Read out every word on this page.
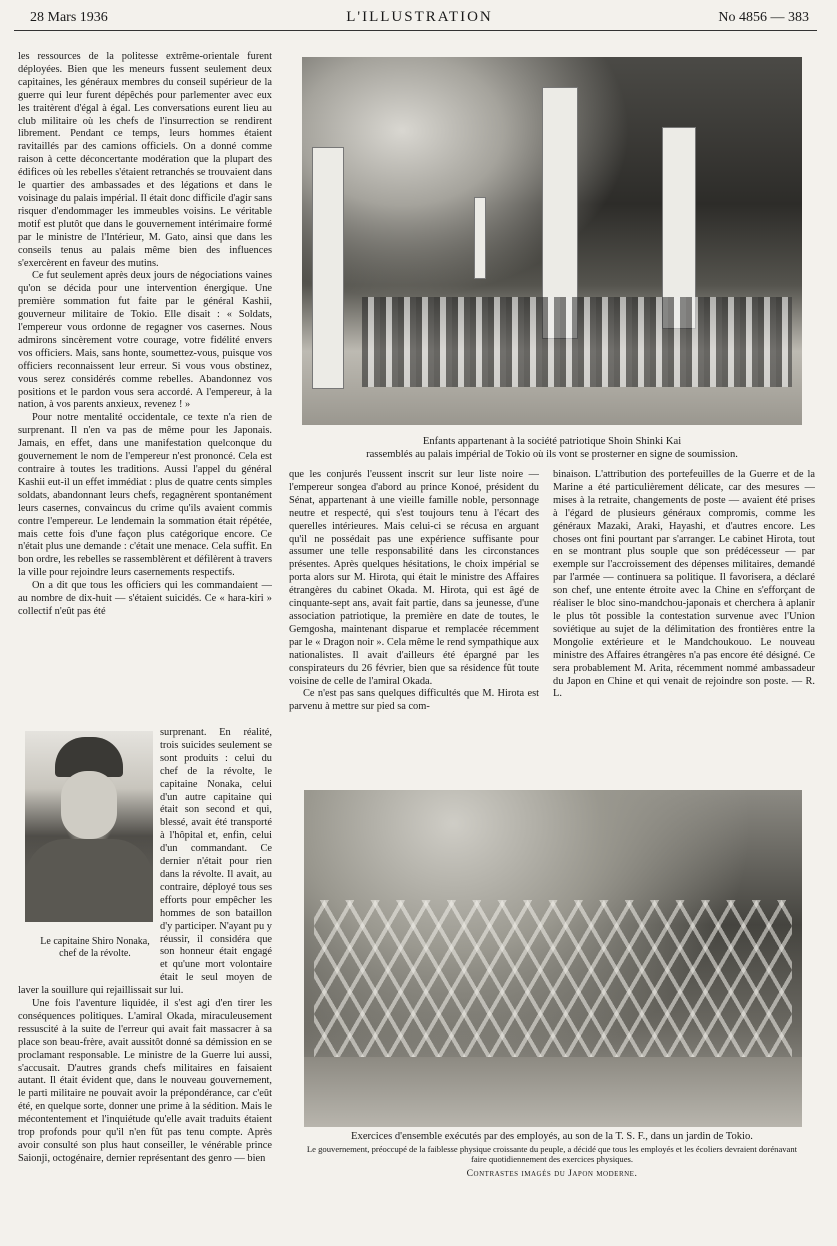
28 Mars 1936	L'ILLUSTRATION	No 4856 — 383

les ressources de la politesse extrême-orientale furent déployées. Bien que les meneurs fussent seulement deux capitaines, les généraux membres du conseil supérieur de la guerre qui leur furent dépêchés pour parlementer avec eux les traitèrent d'égal à égal. Les conversations eurent lieu au club militaire où les chefs de l'insurrection se rendirent librement. Pendant ce temps, leurs hommes étaient ravitaillés par des camions officiels. On a donné comme raison à cette déconcertante modération que la plupart des édifices où les rebelles s'étaient retranchés se trouvaient dans le quartier des ambassades et des légations et dans le voisinage du palais impérial. Il était donc difficile d'agir sans risquer d'endommager les immeubles voisins. Le véritable motif est plutôt que dans le gouvernement intérimaire formé par le ministre de l'Intérieur, M. Gato, ainsi que dans les conseils tenus au palais même bien des influences s'exercèrent en faveur des mutins.

Ce fut seulement après deux jours de négociations vaines qu'on se décida pour une intervention énergique. Une première sommation fut faite par le général Kashii, gouverneur militaire de Tokio. Elle disait : « Soldats, l'empereur vous ordonne de regagner vos casernes. Nous admirons sincèrement votre courage, votre fidélité envers vos officiers. Mais, sans honte, soumettez-vous, puisque vos officiers reconnaissent leur erreur. Si vous vous obstinez, vous serez considérés comme rebelles. Abandonnez vos positions et le pardon vous sera accordé. A l'empereur, à la nation, à vos parents anxieux, revenez ! »

Pour notre mentalité occidentale, ce texte n'a rien de surprenant. Il n'en va pas de même pour les Japonais. Jamais, en effet, dans une manifestation quelconque du gouvernement le nom de l'empereur n'est prononcé. Cela est contraire à toutes les traditions. Aussi l'appel du général Kashii eut-il un effet immédiat : plus de quatre cents simples soldats, abandonnant leurs chefs, regagnèrent spontanément leurs casernes, convaincus du crime qu'ils avaient commis contre l'empereur. Le lendemain la sommation était répétée, mais cette fois d'une façon plus catégorique encore. Ce n'était plus une demande : c'était une menace. Cela suffit. En bon ordre, les rebelles se rassemblèrent et défilèrent à travers la ville pour rejoindre leurs casernements respectifs.

On a dit que tous les officiers qui les commandaient — au nombre de dix-huit — s'étaient suicidés. Ce « hara-kiri » collectif n'eût pas été

surprenant. En réalité, trois suicides seulement se sont produits : celui du chef de la révolte, le capitaine Nonaka, celui d'un autre capitaine qui était son second et qui, blessé, avait été transporté à l'hôpital et, enfin, celui d'un commandant. Ce dernier n'était pour rien dans la révolte. Il avait, au contraire, déployé tous ses efforts pour empêcher les hommes de son bataillon d'y participer. N'ayant pu y réussir, il considéra que son honneur était engagé et qu'une mort volontaire était le seul moyen de laver la souillure qui rejaillissait sur lui.

Une fois l'aventure liquidée, il s'est agi d'en tirer les conséquences politiques. L'amiral Okada, miraculeusement ressuscité à la suite de l'erreur qui avait fait massacrer à sa place son beau-frère, avait aussitôt donné sa démission en se proclamant responsable. Le ministre de la Guerre lui aussi, s'accusait. D'autres grands chefs militaires en faisaient autant. Il était évident que, dans le nouveau gouvernement, le parti militaire ne pouvait avoir la prépondérance, car c'eût été, en quelque sorte, donner une prime à la sédition. Mais le mécontentement et l'inquiétude qu'elle avait traduits étaient trop profonds pour qu'il n'en fût pas tenu compte. Après avoir consulté son plus haut conseiller, le vénérable prince Saionji, octogénaire, dernier représentant des genro — bien

que les conjurés l'eussent inscrit sur leur liste noire — l'empereur songea d'abord au prince Konoé, président du Sénat, appartenant à une vieille famille noble, personnage neutre et respecté, qui s'est toujours tenu à l'écart des querelles intérieures. Mais celui-ci se récusa en arguant qu'il ne possédait pas une expérience suffisante pour assumer une telle responsabilité dans les circonstances présentes. Après quelques hésitations, le choix impérial se porta alors sur M. Hirota, qui était le ministre des Affaires étrangères du cabinet Okada. M. Hirota, qui est âgé de cinquante-sept ans, avait fait partie, dans sa jeunesse, d'une association patriotique, la première en date de toutes, le Gemgosha, maintenant disparue et remplacée récemment par le « Dragon noir ». Cela même le rend sympathique aux nationalistes. Il avait d'ailleurs été épargné par les conspirateurs du 26 février, bien que sa résidence fût toute voisine de celle de l'amiral Okada.

Ce n'est pas sans quelques difficultés que M. Hirota est parvenu à mettre sur pied sa com-

binaison. L'attribution des portefeuilles de la Guerre et de la Marine a été particulièrement délicate, car des mesures — mises à la retraite, changements de poste — avaient été prises à l'égard de plusieurs généraux compromis, comme les généraux Mazaki, Araki, Hayashi, et d'autres encore. Les choses ont fini pourtant par s'arranger. Le cabinet Hirota, tout en se montrant plus souple que son prédécesseur — par exemple sur l'accroissement des dépenses militaires, demandé par l'armée — continuera sa politique. Il favorisera, a déclaré son chef, une entente étroite avec la Chine en s'efforçant de réaliser le bloc sino-mandchou-japonais et cherchera à aplanir le plus tôt possible la contestation survenue avec l'Union soviétique au sujet de la délimitation des frontières entre la Mongolie extérieure et le Mandchoukouo. Le nouveau ministre des Affaires étrangères n'a pas encore été désigné. Ce sera probablement M. Arita, récemment nommé ambassadeur du Japon en Chine et qui venait de rejoindre son poste. — R. L.

Enfants appartenant à la société patriotique Shoin Shinki Kai
rassemblés au palais impérial de Tokio où ils vont se prosterner en signe de soumission.
Le capitaine Shiro Nonaka,
chef de la révolte.
Exercices d'ensemble exécutés par des employés, au son de la T. S. F., dans un jardin de Tokio.
Le gouvernement, préoccupé de la faiblesse physique croissante du peuple, a décidé que tous les employés et les écoliers devraient dorénavant faire quotidiennement des exercices physiques.
Contrastes imagés du Japon moderne.
